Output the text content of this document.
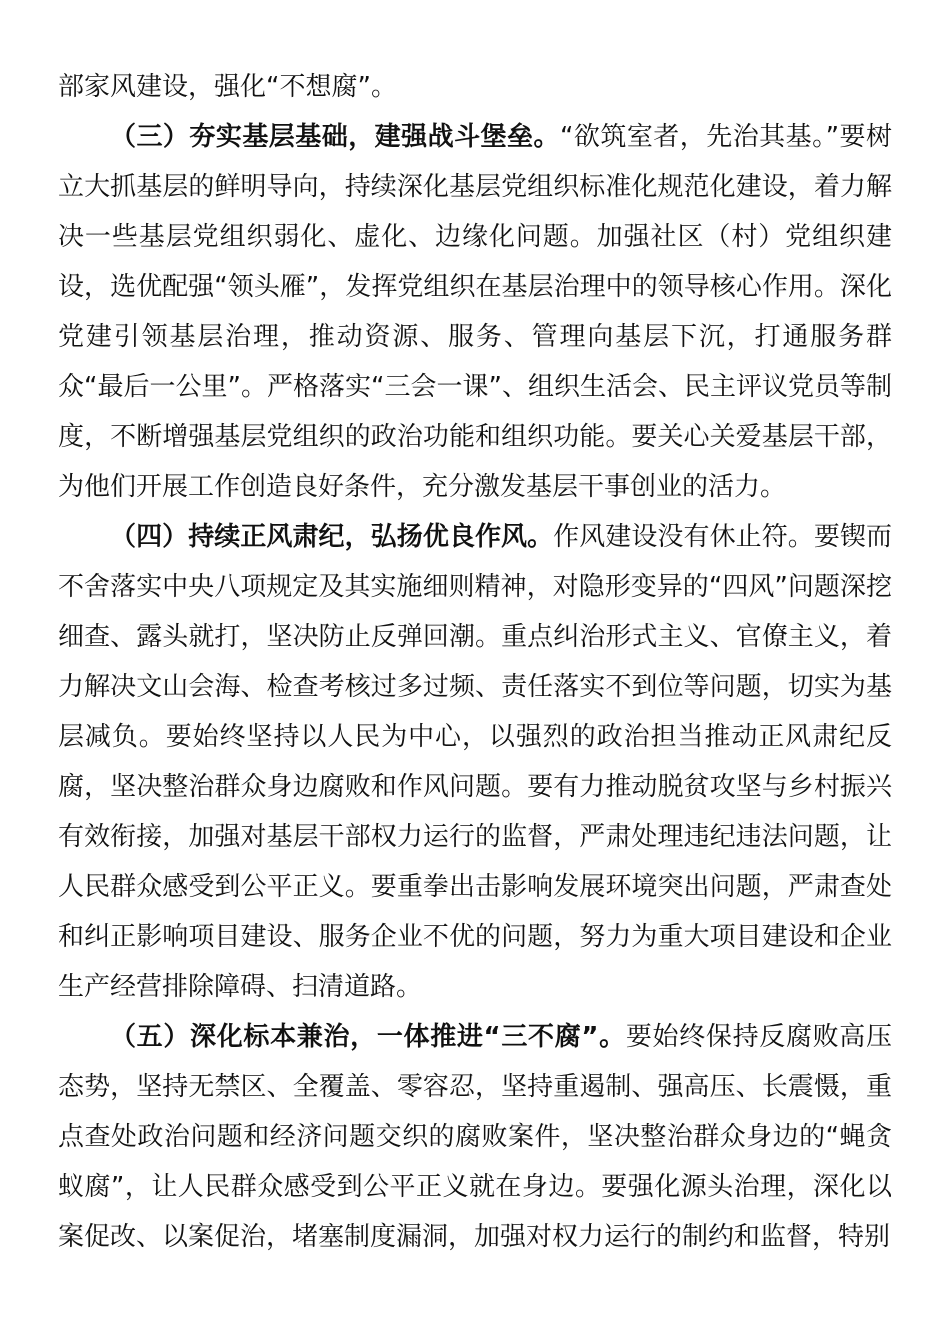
部家风建设，强化“不想腐”。

（三）夯实基层基础，建强战斗堡垒。“欲筑室者，先治其基。”要树立大抓基层的鲜明导向，持续深化基层党组织标准化规范化建设，着力解决一些基层党组织弱化、虚化、边缘化问题。加强社区（村）党组织建设，选优配强“领头雁”，发挥党组织在基层治理中的领导核心作用。深化党建引领基层治理，推动资源、服务、管理向基层下沉，打通服务群众“最后一公里”。严格落实“三会一课”、组织生活会、民主评议党员等制度，不断增强基层党组织的政治功能和组织功能。要关心关爱基层干部，为他们开展工作创造良好条件，充分激发基层干事创业的活力。

（四）持续正风肃纪，弘扬优良作风。作风建设没有休止符。要锲而不舍落实中央八项规定及其实施细则精神，对隐形变异的“四风”问题深挖细查、露头就打，坚决防止反弹回潮。重点纠治形式主义、官僚主义，着力解决文山会海、检查考核过多过频、责任落实不到位等问题，切实为基层减负。要始终坚持以人民为中心，以强烈的政治担当推动正风肃纪反腐，坚决整治群众身边腐败和作风问题。要有力推动脱贫攻坚与乡村振兴有效衔接，加强对基层干部权力运行的监督，严肃处理违纪违法问题，让人民群众感受到公平正义。要重拳出击影响发展环境突出问题，严肃查处和纠正影响项目建设、服务企业不优的问题，努力为重大项目建设和企业生产经营排除障碍、扫清道路。

（五）深化标本兼治，一体推进“三不腐”。要始终保持反腐败高压态势，坚持无禁区、全覆盖、零容忍，坚持重遏制、强高压、长震慑，重点查处政治问题和经济问题交织的腐败案件，坚决整治群众身边的“蝇贪蚁腐”，让人民群众感受到公平正义就在身边。要强化源头治理，深化以案促改、以案促治，堵塞制度漏洞，加强对权力运行的制约和监督，特别
